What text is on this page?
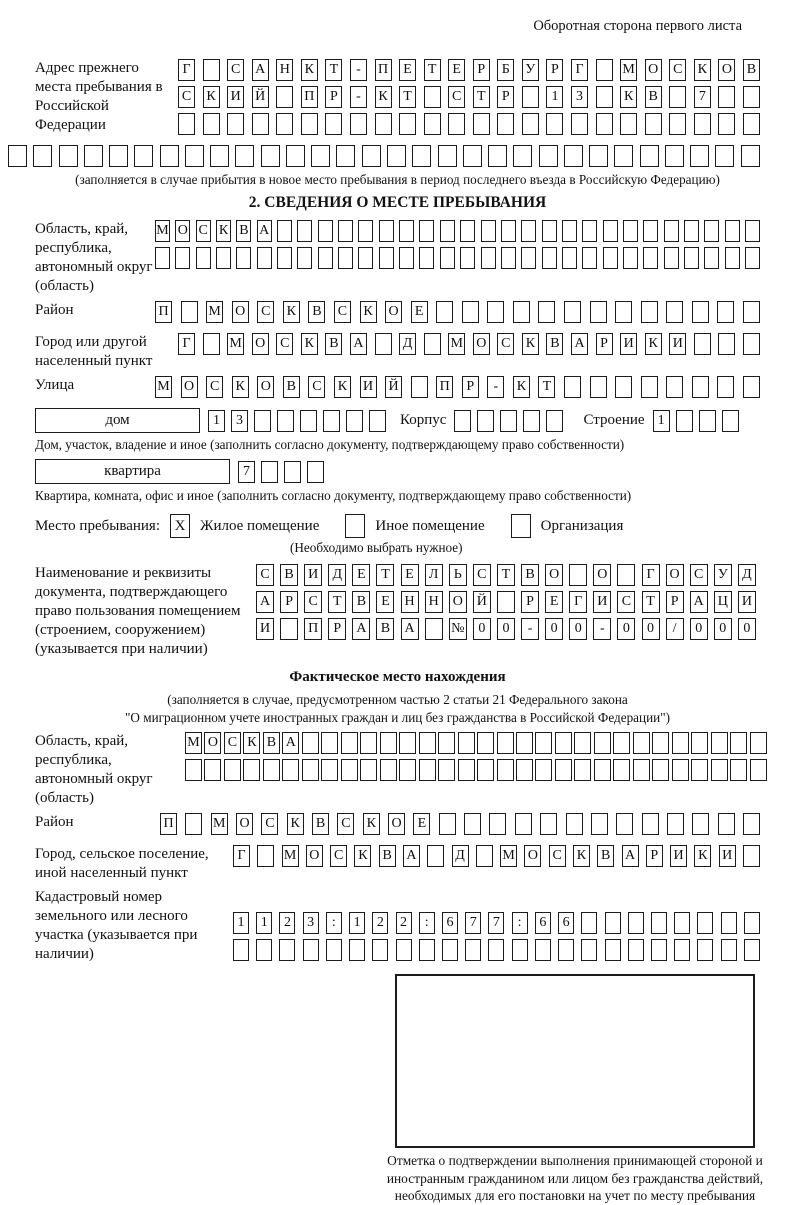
Оборотная сторона первого листа
Адрес прежнего места пребывания в Российской Федерации
Г	С А Н К	Т	-	П	Е	Т	Е	Р	Б	У	Р	Г	М О С К О В
С К И Й	П	Р	-	К	Т	С	Т	Р	1	3	К В	7
(заполняется в случае прибытия в новое место пребывания в период последнего въезда в Российскую Федерацию)
2. СВЕДЕНИЯ О МЕСТЕ ПРЕБЫВАНИЯ
Область, край, республика, автономный округ (область)
М О С К В А
Район	П	М О С К В С К О	Е
Город или другой населенный пункт
Г	М О С К В А	Д	М О С К В А	Р	И К И
Улица	М О С К О В С К И Й	П	Р	-	К	Т
дом	1	3	Корпус	Строение 1
Дом, участок, владение и иное (заполнить согласно документу, подтверждающему право собственности)
квартира	7
Квартира, комната, офис и иное (заполнить согласно документу, подтверждающему право собственности)
Место пребывания: X Жилое помещение	Иное помещение	Организация
(Необходимо выбрать нужное)
Наименование и реквизиты документа, подтверждающего право пользования помещением (строением, сооружением) (указывается при наличии)
С	В	И	Д	Е	Т	Е	Л	Ь	С	Т	В	О	О	Г	О	С	У	Д
А	Р	С	Т	В	Е	Н Н О Й	Р	Е	Г	И	С	Т	Р	А Ц И
И	П	Р	А	В	А	№ 0	0	-	0	0	-	0	0	/	0	0	0
Фактическое место нахождения
(заполняется в случае, предусмотренном частью 2 статьи 21 Федерального закона
"О миграционном учете иностранных граждан и лиц без гражданства в Российской Федерации")
Область, край, республика, автономный округ (область)
М О С К В А
Район	П	М О С К В С К О	Е
Город, сельское поселение, иной населенный пункт
Г	М О С К В А	Д	М О С К В А	Р	И К И
Кадастровый номер земельного или лесного участка (указывается при наличии)
1	1	2	3	:	1	2	2	:	6	7	7	:	6	6
Отметка о подтверждении выполнения принимающей стороной и иностранным гражданином или лицом без гражданства действий, необходимых для его постановки на учет по месту пребывания
